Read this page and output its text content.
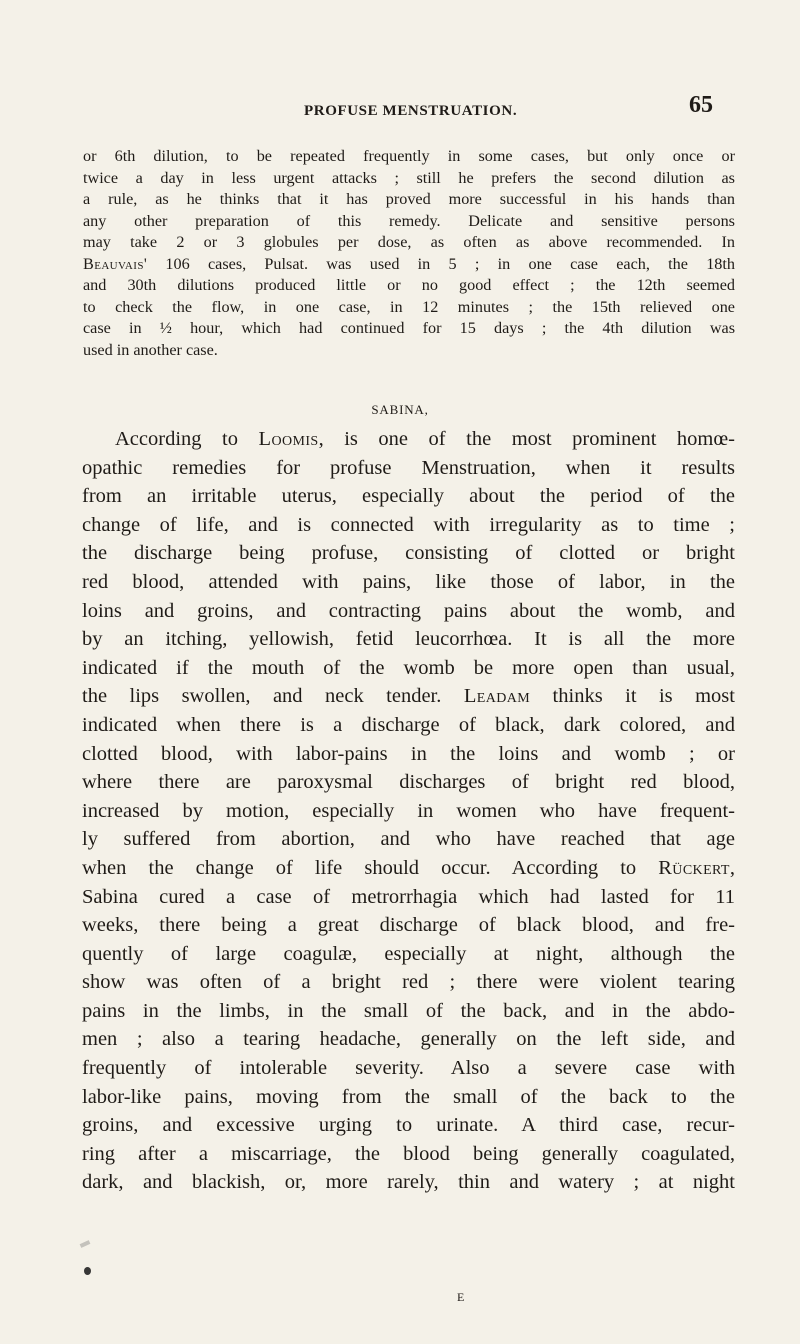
PROFUSE MENSTRUATION.	65
or 6th dilution, to be repeated frequently in some cases, but only once or
twice a day in less urgent attacks ; still he prefers the second dilution as
a rule, as he thinks that it has proved more successful in his hands than
any other preparation of this remedy. Delicate and sensitive persons
may take 2 or 3 globules per dose, as often as above recommended. In
Beauvais' 106 cases, Pulsat. was used in 5 ; in one case each, the 18th
and 30th dilutions produced little or no good effect ; the 12th seemed
to check the flow, in one case, in 12 minutes ; the 15th relieved one
case in ½ hour, which had continued for 15 days ; the 4th dilution was
used in another case.
SABINA,
According to Loomis, is one of the most prominent homœ-
opathic remedies for profuse Menstruation, when it results
from an irritable uterus, especially about the period of the
change of life, and is connected with irregularity as to time ;
the discharge being profuse, consisting of clotted or bright
red blood, attended with pains, like those of labor, in the
loins and groins, and contracting pains about the womb, and
by an itching, yellowish, fetid leucorrhœa. It is all the more
indicated if the mouth of the womb be more open than usual,
the lips swollen, and neck tender. Leadam thinks it is most
indicated when there is a discharge of black, dark colored, and
clotted blood, with labor-pains in the loins and womb ; or
where there are paroxysmal discharges of bright red blood,
increased by motion, especially in women who have frequent-
ly suffered from abortion, and who have reached that age
when the change of life should occur. According to Rückert,
Sabina cured a case of metrorrhagia which had lasted for 11
weeks, there being a great discharge of black blood, and fre-
quently of large coagulæ, especially at night, although the
show was often of a bright red ; there were violent tearing
pains in the limbs, in the small of the back, and in the abdo-
men ; also a tearing headache, generally on the left side, and
frequently of intolerable severity. Also a severe case with
labor-like pains, moving from the small of the back to the
groins, and excessive urging to urinate. A third case, recur-
ring after a miscarriage, the blood being generally coagulated,
dark, and blackish, or, more rarely, thin and watery ; at night
E
